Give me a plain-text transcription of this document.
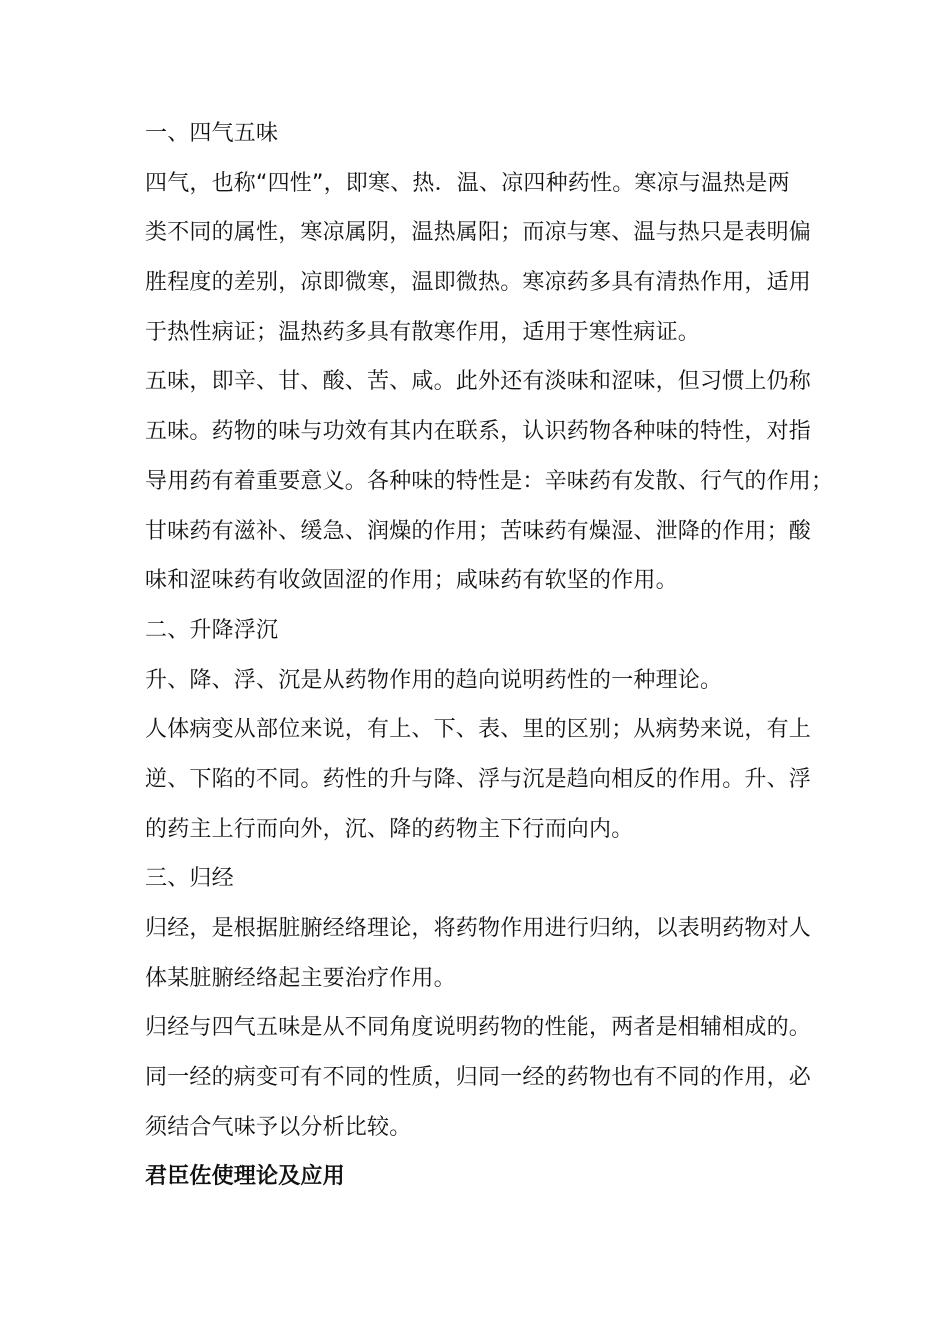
一、四气五味
四气，也称“四性”，即寒、热．温、凉四种药性。寒凉与温热是两
类不同的属性，寒凉属阴，温热属阳；而凉与寒、温与热只是表明偏
胜程度的差别，凉即微寒，温即微热。寒凉药多具有清热作用，适用
于热性病证；温热药多具有散寒作用，适用于寒性病证。
五味，即辛、甘、酸、苦、咸。此外还有淡味和涩味，但习惯上仍称
五味。药物的味与功效有其内在联系，认识药物各种味的特性，对指
导用药有着重要意义。各种味的特性是：辛味药有发散、行气的作用；
甘味药有滋补、缓急、润燥的作用；苦味药有燥湿、泄降的作用；酸
味和涩味药有收敛固涩的作用；咸味药有软坚的作用。
二、升降浮沉
升、降、浮、沉是从药物作用的趋向说明药性的一种理论。
人体病变从部位来说，有上、下、表、里的区别；从病势来说，有上
逆、下陷的不同。药性的升与降、浮与沉是趋向相反的作用。升、浮
的药主上行而向外，沉、降的药物主下行而向内。
三、归经
归经，是根据脏腑经络理论，将药物作用进行归纳，以表明药物对人
体某脏腑经络起主要治疗作用。
归经与四气五味是从不同角度说明药物的性能，两者是相辅相成的。
同一经的病变可有不同的性质，归同一经的药物也有不同的作用，必
须结合气味予以分析比较。
君臣佐使理论及应用
